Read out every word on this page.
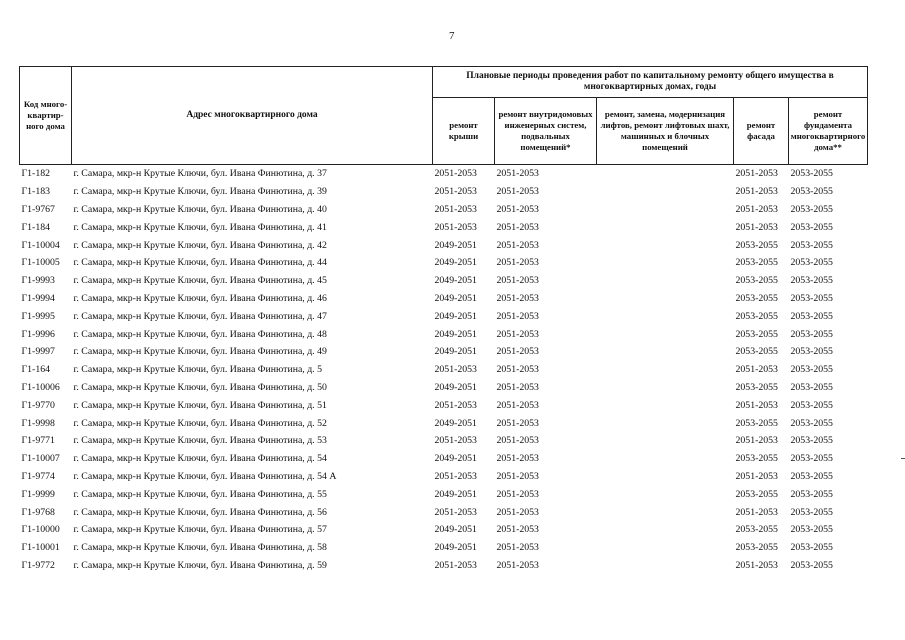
7
Код много-квартир-ного дома	Адрес многоквартирного дома	Плановые периоды проведения работ по капитальному ремонту общего имущества в многоквартирных домах, годы				
		ремонт крыши	ремонт внутридомовых инженерных систем, подвальных помещений*	ремонт, замена, модернизация лифтов, ремонт лифтовых шахт, машинных и блочных помещений	ремонт фасада	ремонт фундамента многоквартирного дома**
Г1-182	г. Самара, мкр-н Крутые Ключи, бул. Ивана Финютина, д. 37	2051-2053	2051-2053		2051-2053	2053-2055
Г1-183	г. Самара, мкр-н Крутые Ключи, бул. Ивана Финютина, д. 39	2051-2053	2051-2053		2051-2053	2053-2055
Г1-9767	г. Самара, мкр-н Крутые Ключи, бул. Ивана Финютина, д. 40	2051-2053	2051-2053		2051-2053	2053-2055
Г1-184	г. Самара, мкр-н Крутые Ключи, бул. Ивана Финютина, д. 41	2051-2053	2051-2053		2051-2053	2053-2055
Г1-10004	г. Самара, мкр-н Крутые Ключи, бул. Ивана Финютина, д. 42	2049-2051	2051-2053		2053-2055	2053-2055
Г1-10005	г. Самара, мкр-н Крутые Ключи, бул. Ивана Финютина, д. 44	2049-2051	2051-2053		2053-2055	2053-2055
Г1-9993	г. Самара, мкр-н Крутые Ключи, бул. Ивана Финютина, д. 45	2049-2051	2051-2053		2053-2055	2053-2055
Г1-9994	г. Самара, мкр-н Крутые Ключи, бул. Ивана Финютина, д. 46	2049-2051	2051-2053		2053-2055	2053-2055
Г1-9995	г. Самара, мкр-н Крутые Ключи, бул. Ивана Финютина, д. 47	2049-2051	2051-2053		2053-2055	2053-2055
Г1-9996	г. Самара, мкр-н Крутые Ключи, бул. Ивана Финютина, д. 48	2049-2051	2051-2053		2053-2055	2053-2055
Г1-9997	г. Самара, мкр-н Крутые Ключи, бул. Ивана Финютина, д. 49	2049-2051	2051-2053		2053-2055	2053-2055
Г1-164	г. Самара, мкр-н Крутые Ключи, бул. Ивана Финютина, д. 5	2051-2053	2051-2053		2051-2053	2053-2055
Г1-10006	г. Самара, мкр-н Крутые Ключи, бул. Ивана Финютина, д. 50	2049-2051	2051-2053		2053-2055	2053-2055
Г1-9770	г. Самара, мкр-н Крутые Ключи, бул. Ивана Финютина, д. 51	2051-2053	2051-2053		2051-2053	2053-2055
Г1-9998	г. Самара, мкр-н Крутые Ключи, бул. Ивана Финютина, д. 52	2049-2051	2051-2053		2053-2055	2053-2055
Г1-9771	г. Самара, мкр-н Крутые Ключи, бул. Ивана Финютина, д. 53	2051-2053	2051-2053		2051-2053	2053-2055
Г1-10007	г. Самара, мкр-н Крутые Ключи, бул. Ивана Финютина, д. 54	2049-2051	2051-2053		2053-2055	2053-2055
Г1-9774	г. Самара, мкр-н Крутые Ключи, бул. Ивана Финютина, д. 54 А	2051-2053	2051-2053		2051-2053	2053-2055
Г1-9999	г. Самара, мкр-н Крутые Ключи, бул. Ивана Финютина, д. 55	2049-2051	2051-2053		2053-2055	2053-2055
Г1-9768	г. Самара, мкр-н Крутые Ключи, бул. Ивана Финютина, д. 56	2051-2053	2051-2053		2051-2053	2053-2055
Г1-10000	г. Самара, мкр-н Крутые Ключи, бул. Ивана Финютина, д. 57	2049-2051	2051-2053		2053-2055	2053-2055
Г1-10001	г. Самара, мкр-н Крутые Ключи, бул. Ивана Финютина, д. 58	2049-2051	2051-2053		2053-2055	2053-2055
Г1-9772	г. Самара, мкр-н Крутые Ключи, бул. Ивана Финютина, д. 59	2051-2053	2051-2053		2051-2053	2053-2055
